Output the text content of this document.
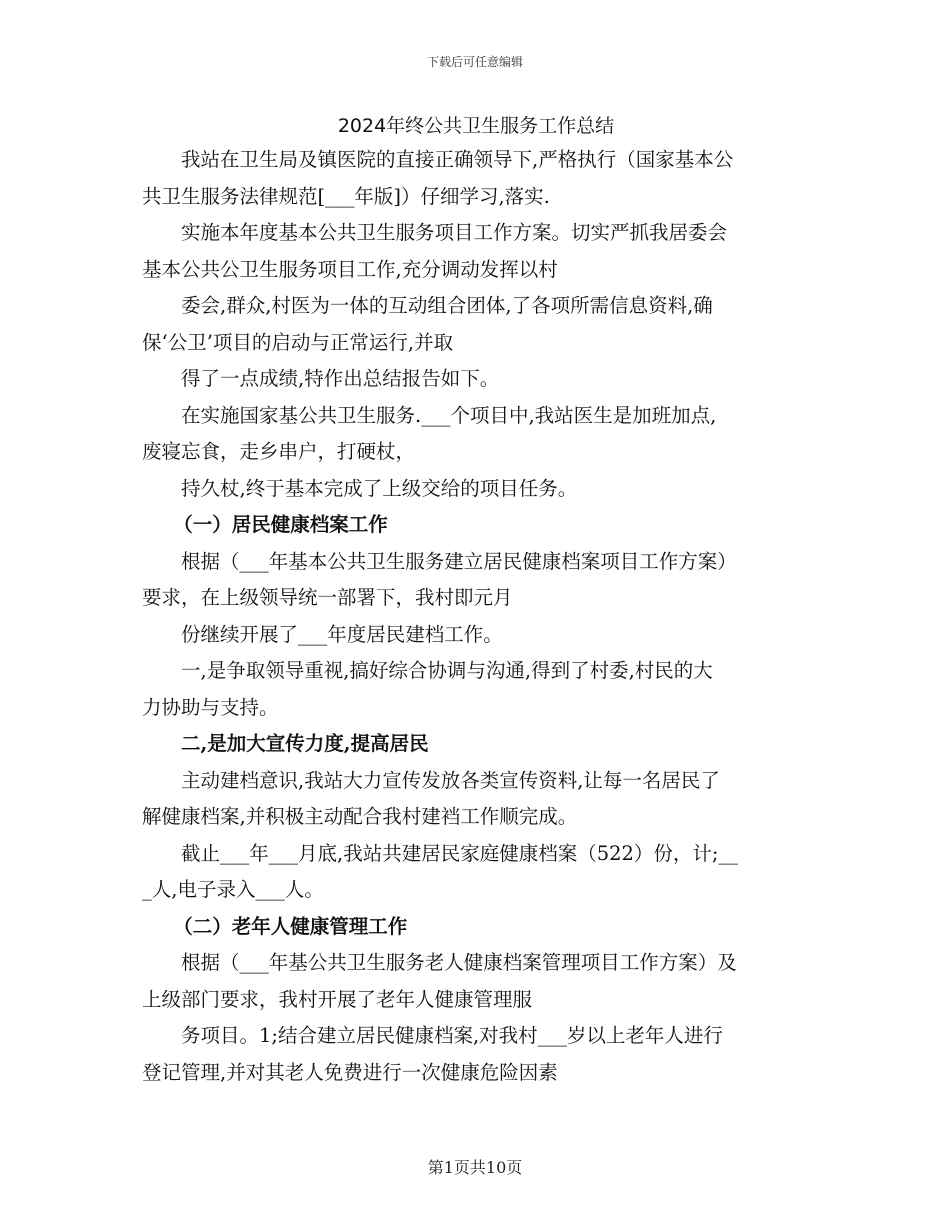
下载后可任意编辑
2024年终公共卫生服务工作总结

我站在卫生局及镇医院的直接正确领导下,严格执行（国家基本公

共卫生服务法律规范[___年版]）仔细学习,落实.

实施本年度基本公共卫生服务项目工作方案。切实严抓我居委会

基本公共公卫生服务项目工作,充分调动发挥以村

委会,群众,村医为一体的互动组合团体,了各项所需信息资料,确

保‘公卫’项目的启动与正常运行,并取

得了一点成绩,特作出总结报告如下。

在实施国家基公共卫生服务.___个项目中,我站医生是加班加点,

废寝忘食，走乡串户，打硬杖，

持久杖,终于基本完成了上级交给的项目任务。

（一）居民健康档案工作

根据（___年基本公共卫生服务建立居民健康档案项目工作方案）

要求，在上级领导统一部署下，我村即元月

份继续开展了___年度居民建档工作。

一,是争取领导重视,搞好综合协调与沟通,得到了村委,村民的大

力协助与支持。

二,是加大宣传力度,提高居民

主动建档意识,我站大力宣传发放各类宣传资料,让每一名居民了

解健康档案,并积极主动配合我村建裆工作顺完成。

截止___年___月底,我站共建居民家庭健康档案（522）份，计;__

_人,电子录入___人。

（二）老年人健康管理工作

根据（___年基公共卫生服务老人健康档案管理项目工作方案）及

上级部门要求，我村开展了老年人健康管理服

务项目。1;结合建立居民健康档案,对我村___岁以上老年人进行

登记管理,并对其老人免费进行一次健康危险因素

第1页共10页
